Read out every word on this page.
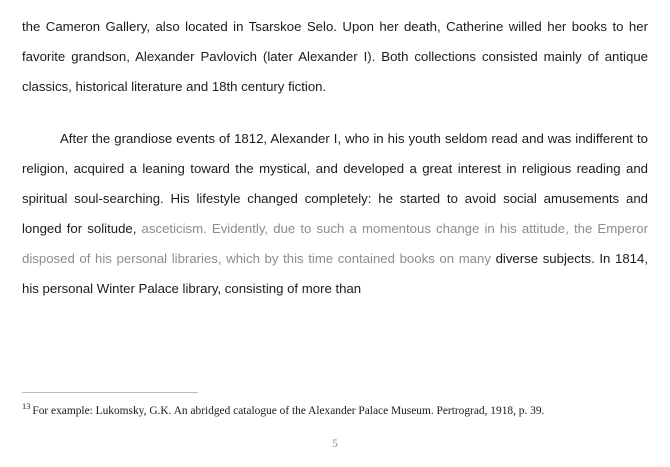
the Cameron Gallery, also located in Tsarskoe Selo. Upon her death, Catherine willed her books to her favorite grandson, Alexander Pavlovich (later Alexander I). Both collections consisted mainly of antique classics, historical literature and 18th century fiction.

After the grandiose events of 1812, Alexander I, who in his youth seldom read and was indifferent to religion, acquired a leaning toward the mystical, and developed a great interest in religious reading and spiritual soul-searching. His lifestyle changed completely: he started to avoid social amusements and longed for solitude, asceticism. Evidently, due to such a momentous change in his attitude, the Emperor disposed of his personal libraries, which by this time contained books on many diverse subjects. In 1814, his personal Winter Palace library, consisting of more than

$^{13}$ For example: Lukomsky, G.K. An abridged catalogue of the Alexander Palace Museum. Pertrograd, 1918, p. 39.
5
